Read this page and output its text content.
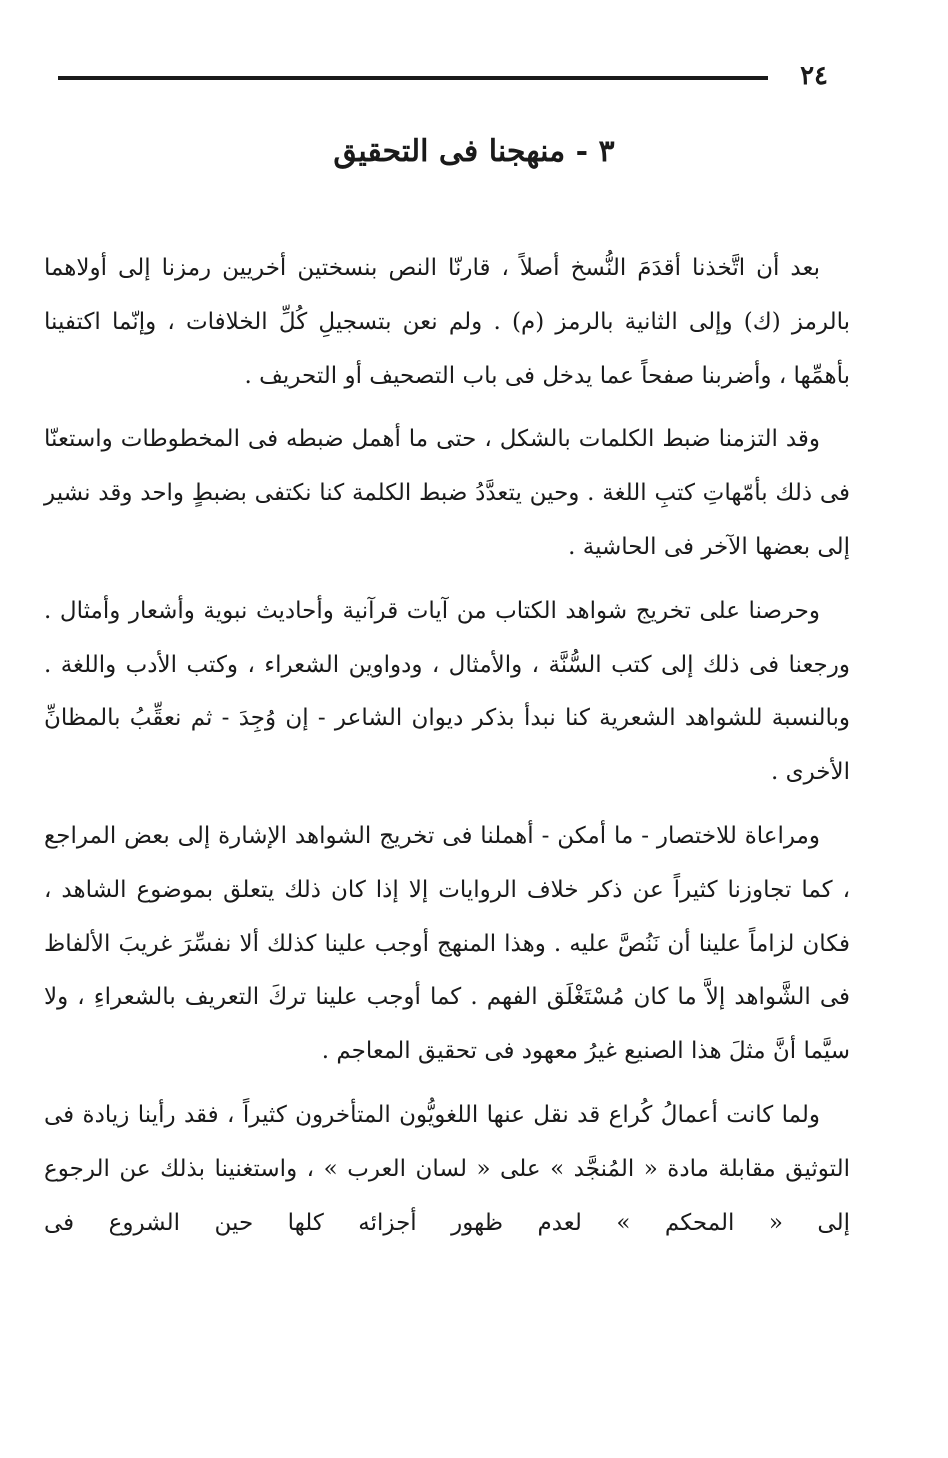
٢٤
٣ - منهجنا فى التحقيق

بعد أن اتَّخذنا أقدَمَ النُّسخ أصلاً ، قارنّا النص بنسختين أخريين رمزنا إلى أولاهما بالرمز (ك) وإلى الثانية بالرمز (م) . ولم نعن بتسجيلِ كُلِّ الخلافات ، وإنّما اكتفينا بأهمِّها ، وأضربنا صفحاً عما يدخل فى باب التصحيف أو التحريف .

وقد التزمنا ضبط الكلمات بالشكل ، حتى ما أهمل ضبطه فى المخطوطات واستعنّا فى ذلك بأمّهاتِ كتبِ اللغة . وحين يتعدَّدُ ضبط الكلمة كنا نكتفى بضبطٍ واحد وقد نشير إلى بعضها الآخر فى الحاشية .

وحرصنا على تخريج شواهد الكتاب من آيات قرآنية وأحاديث نبوية وأشعار وأمثال . ورجعنا فى ذلك إلى كتب السُّنَّة ، والأمثال ، ودواوين الشعراء ، وكتب الأدب واللغة . وبالنسبة للشواهد الشعرية كنا نبدأ بذكر ديوان الشاعر - إن وُجِدَ - ثم نعقِّبُ بالمظانِّ الأخرى .

ومراعاة للاختصار - ما أمكن - أهملنا فى تخريج الشواهد الإشارة إلى بعض المراجع ، كما تجاوزنا كثيراً عن ذكر خلاف الروايات إلا إذا كان ذلك يتعلق بموضوع الشاهد ، فكان لزاماً علينا أن نَنُصَّ عليه . وهذا المنهج أوجب علينا كذلك ألا نفسِّرَ غريبَ الألفاظ فى الشَّواهد إلاَّ ما كان مُسْتَغْلَق الفهم . كما أوجب علينا تركَ التعريف بالشعراءِ ، ولا سيَّما أنَّ مثلَ هذا الصنيع غيرُ معهود فى تحقيق المعاجم .

ولما كانت أعمالُ كُراع قد نقل عنها اللغويُّون المتأخرون كثيراً ، فقد رأينا زيادة فى التوثيق مقابلة مادة « المُنجَّد » على « لسان العرب » ، واستغنينا بذلك عن الرجوع إلى « المحكم » لعدم ظهور أجزائه كلها حين الشروع فى
